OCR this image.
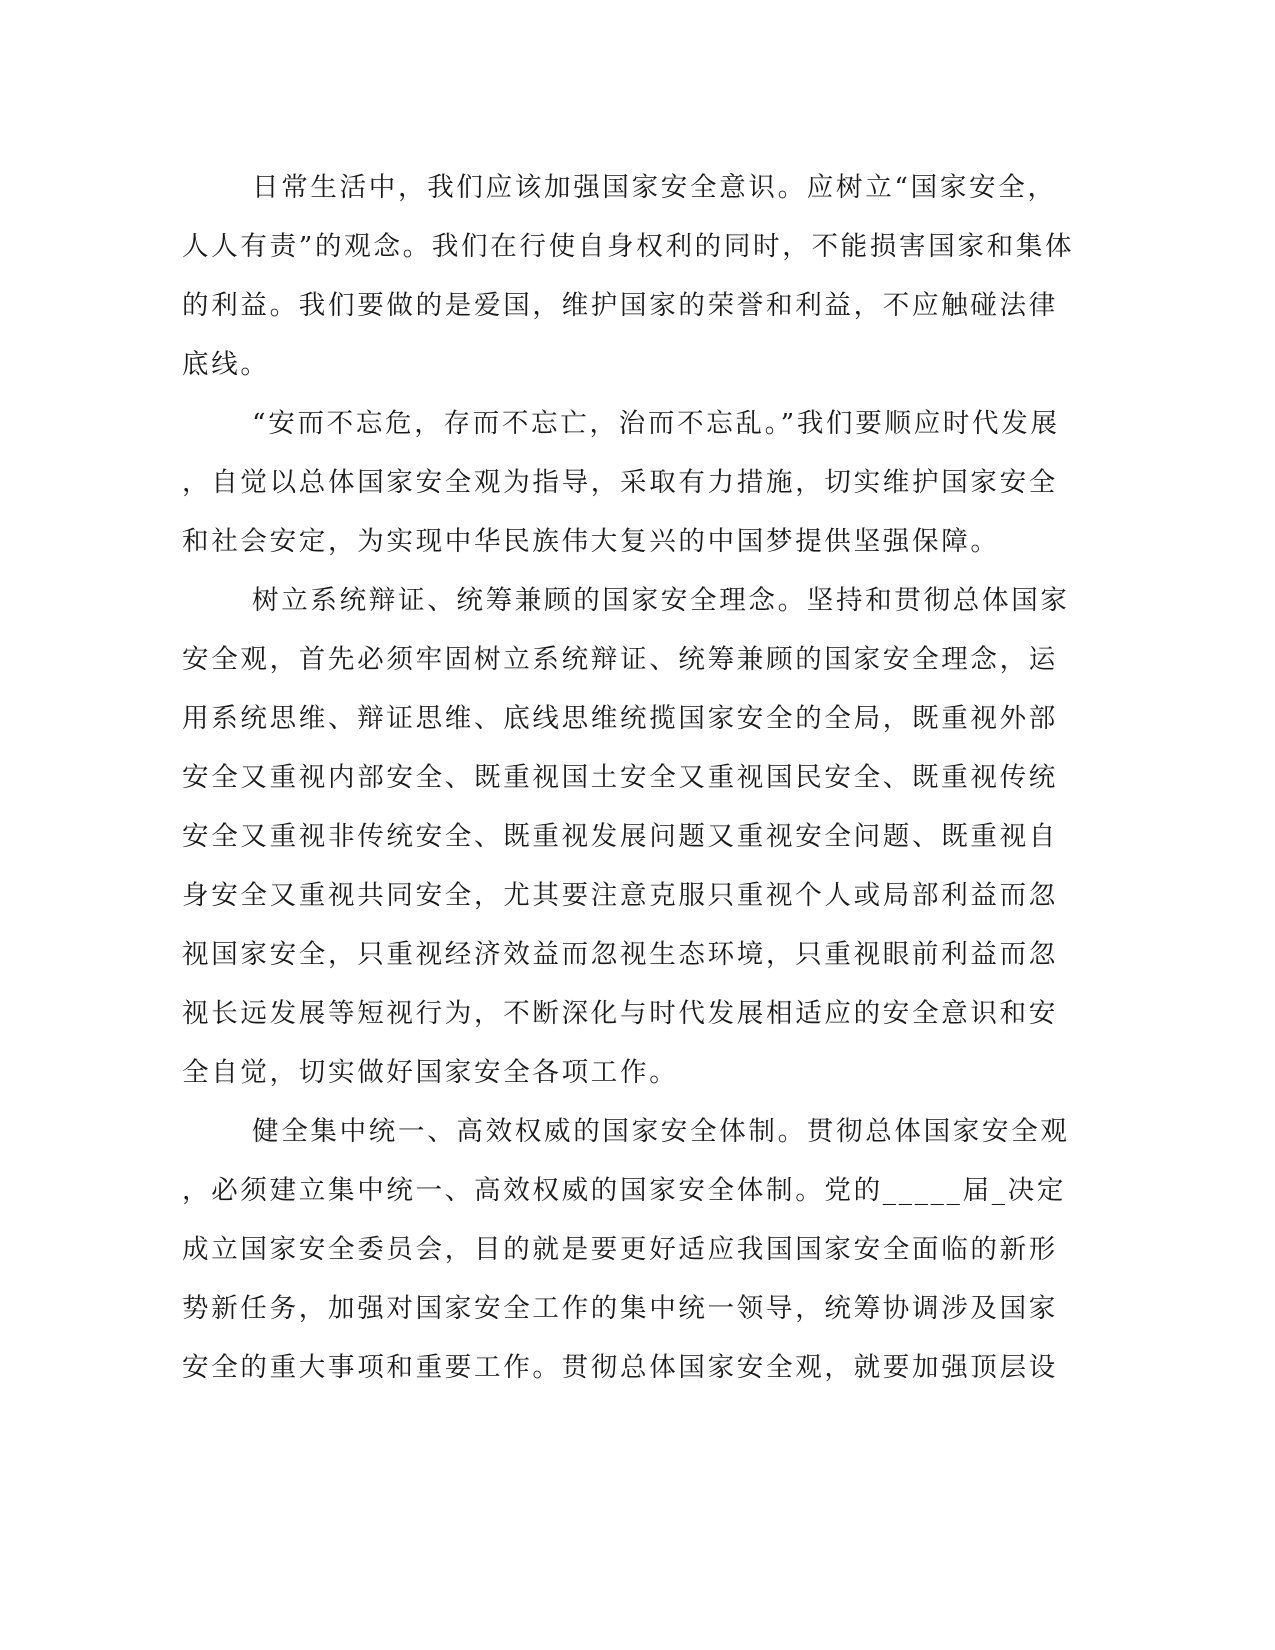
日常生活中，我们应该加强国家安全意识。应树立“国家安全，
人人有责”的观念。我们在行使自身权利的同时，不能损害国家和集体
的利益。我们要做的是爱国，维护国家的荣誉和利益，不应触碰法律
底线。
“安而不忘危，存而不忘亡，治而不忘乱。”我们要顺应时代发展
，自觉以总体国家安全观为指导，采取有力措施，切实维护国家安全
和社会安定，为实现中华民族伟大复兴的中国梦提供坚强保障。
树立系统辩证、统筹兼顾的国家安全理念。坚持和贯彻总体国家
安全观，首先必须牢固树立系统辩证、统筹兼顾的国家安全理念，运
用系统思维、辩证思维、底线思维统揽国家安全的全局，既重视外部
安全又重视内部安全、既重视国土安全又重视国民安全、既重视传统
安全又重视非传统安全、既重视发展问题又重视安全问题、既重视自
身安全又重视共同安全，尤其要注意克服只重视个人或局部利益而忽
视国家安全，只重视经济效益而忽视生态环境，只重视眼前利益而忽
视长远发展等短视行为，不断深化与时代发展相适应的安全意识和安
全自觉，切实做好国家安全各项工作。
健全集中统一、高效权威的国家安全体制。贯彻总体国家安全观
，必须建立集中统一、高效权威的国家安全体制。党的_____届_决定
成立国家安全委员会，目的就是要更好适应我国国家安全面临的新形
势新任务，加强对国家安全工作的集中统一领导，统筹协调涉及国家
安全的重大事项和重要工作。贯彻总体国家安全观，就要加强顶层设
